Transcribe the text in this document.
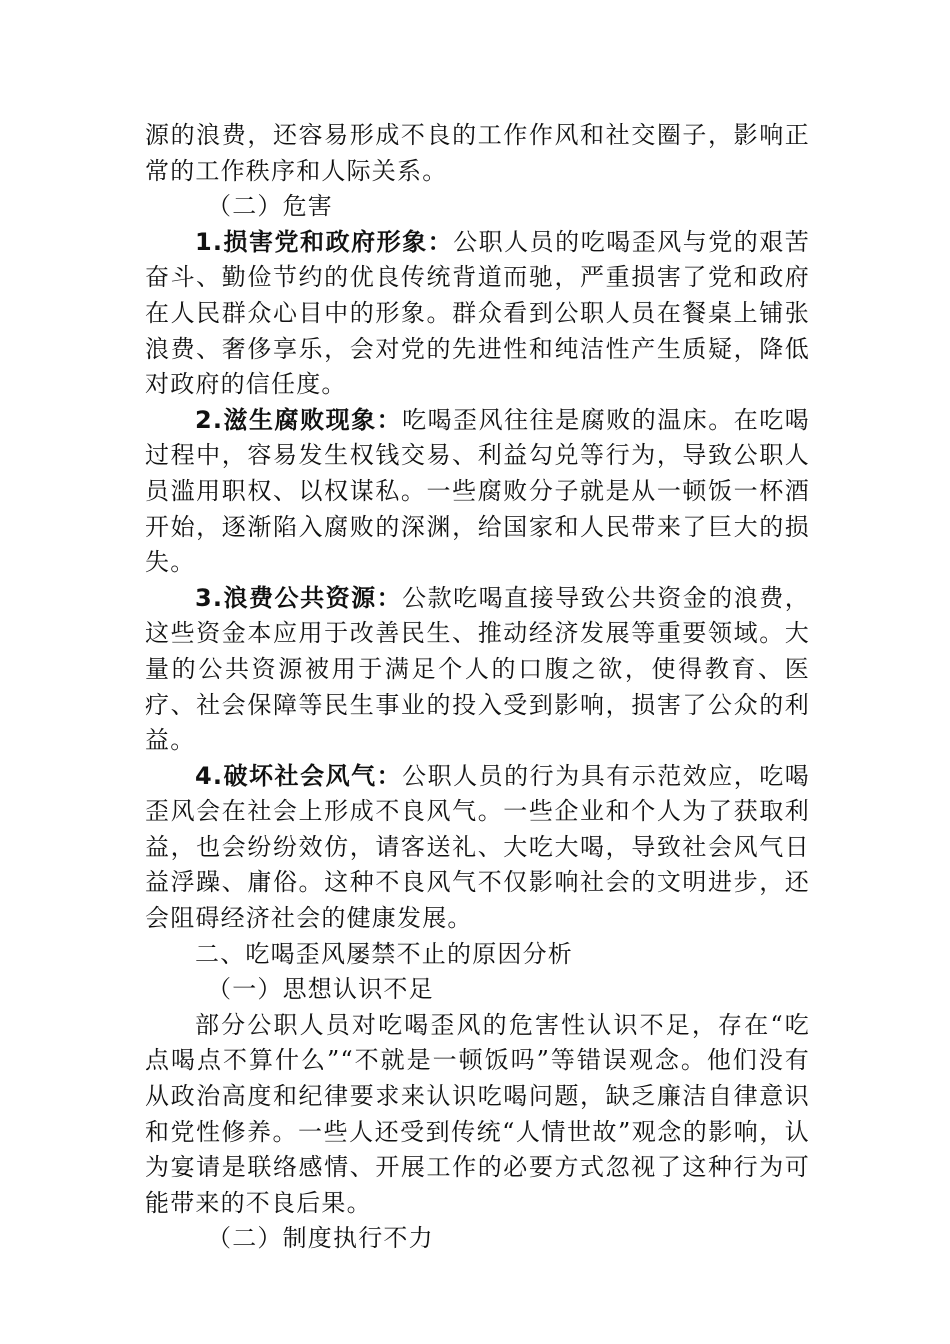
源的浪费，还容易形成不良的工作作风和社交圈子，影响正常的工作秩序和人际关系。

（二）危害

1.损害党和政府形象：公职人员的吃喝歪风与党的艰苦奋斗、勤俭节约的优良传统背道而驰，严重损害了党和政府在人民群众心目中的形象。群众看到公职人员在餐桌上铺张浪费、奢侈享乐，会对党的先进性和纯洁性产生质疑，降低对政府的信任度。

2.滋生腐败现象：吃喝歪风往往是腐败的温床。在吃喝过程中，容易发生权钱交易、利益勾兑等行为，导致公职人员滥用职权、以权谋私。一些腐败分子就是从一顿饭一杯酒开始，逐渐陷入腐败的深渊，给国家和人民带来了巨大的损失。

3.浪费公共资源：公款吃喝直接导致公共资金的浪费，这些资金本应用于改善民生、推动经济发展等重要领域。大量的公共资源被用于满足个人的口腹之欲，使得教育、医疗、社会保障等民生事业的投入受到影响，损害了公众的利益。

4.破坏社会风气：公职人员的行为具有示范效应，吃喝歪风会在社会上形成不良风气。一些企业和个人为了获取利益，也会纷纷效仿，请客送礼、大吃大喝，导致社会风气日益浮躁、庸俗。这种不良风气不仅影响社会的文明进步，还会阻碍经济社会的健康发展。

二、吃喝歪风屡禁不止的原因分析

（一）思想认识不足

部分公职人员对吃喝歪风的危害性认识不足，存在“吃点喝点不算什么”“不就是一顿饭吗”等错误观念。他们没有从政治高度和纪律要求来认识吃喝问题，缺乏廉洁自律意识和党性修养。一些人还受到传统“人情世故”观念的影响，认为宴请是联络感情、开展工作的必要方式忽视了这种行为可能带来的不良后果。

（二）制度执行不力
